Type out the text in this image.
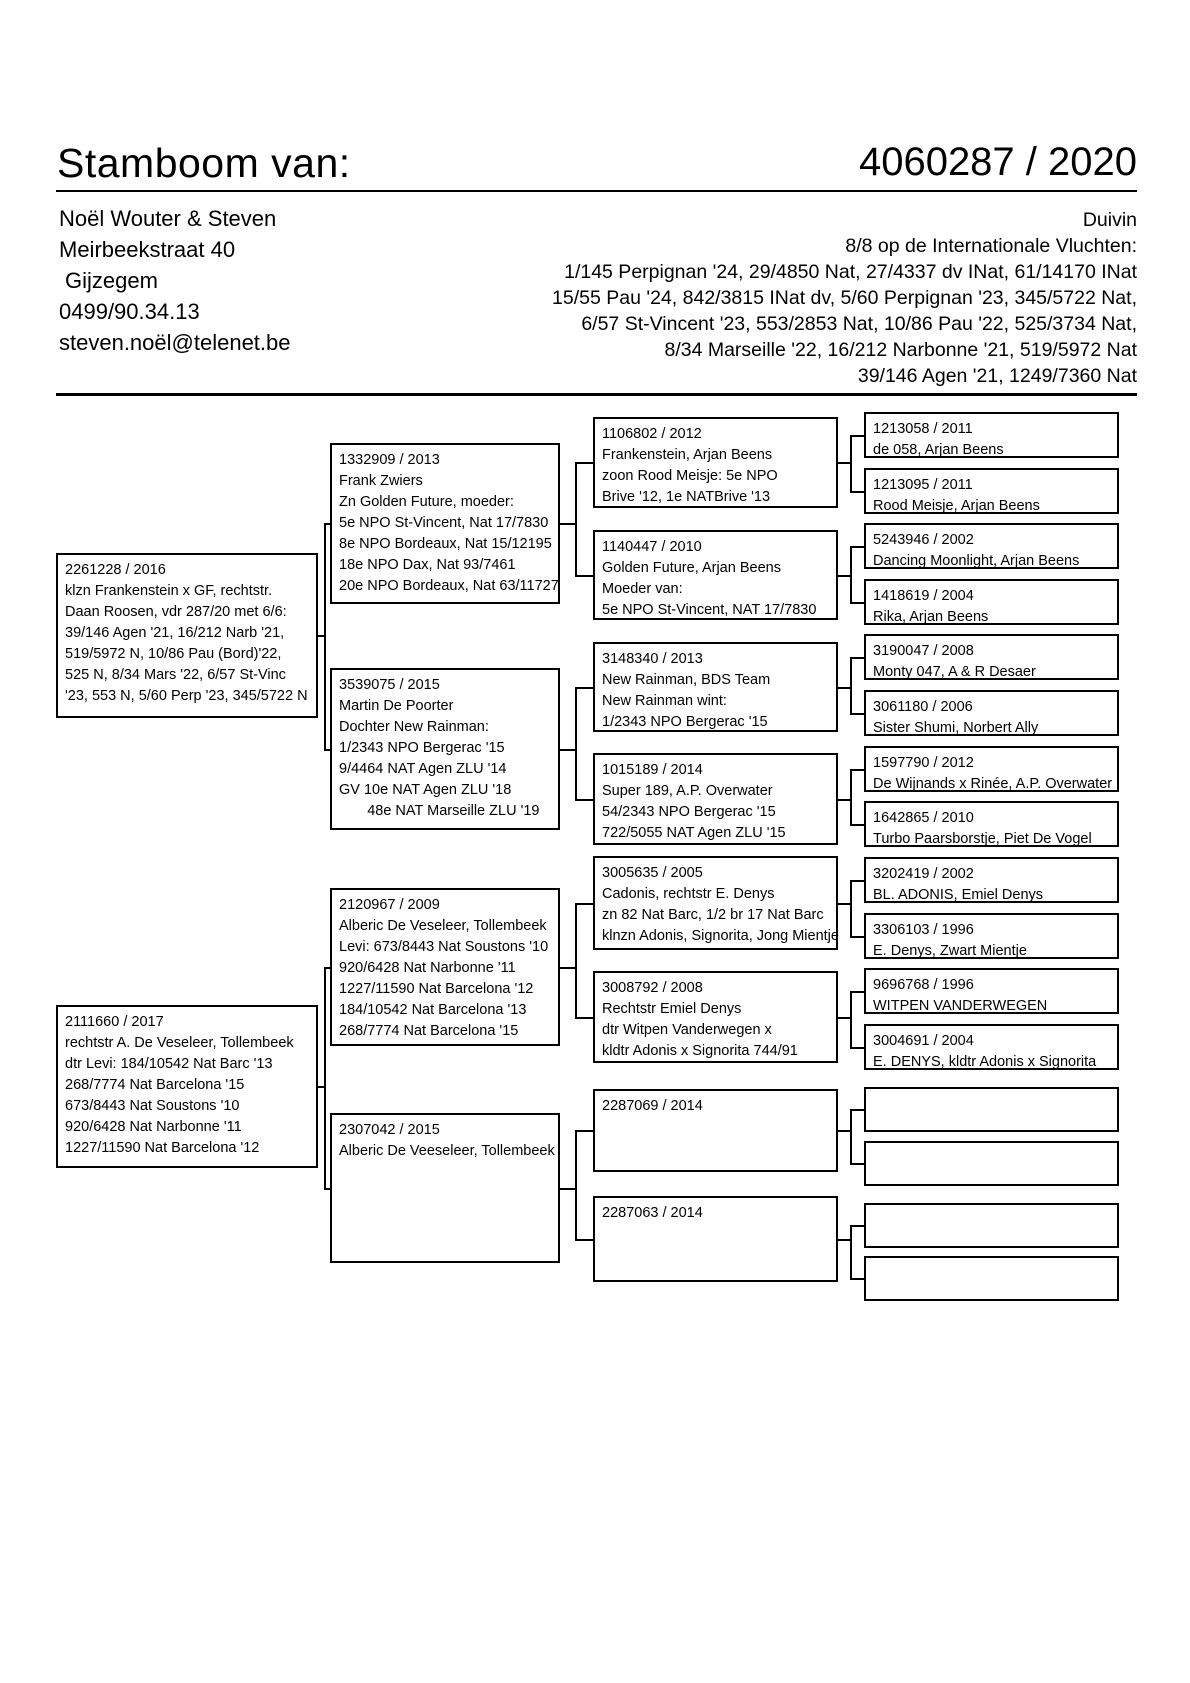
Stamboom van:	4060287 / 2020
Noël Wouter & Steven
Meirbeekstraat 40
Gijzegem
0499/90.34.13
steven.noël@telenet.be
Duivin
8/8 op de Internationale Vluchten:
1/145 Perpignan '24, 29/4850 Nat, 27/4337 dv INat, 61/14170 INat
15/55 Pau '24, 842/3815 INat dv, 5/60 Perpignan '23, 345/5722 Nat,
6/57 St-Vincent '23, 553/2853 Nat, 10/86 Pau '22, 525/3734 Nat,
8/34 Marseille '22, 16/212 Narbonne '21, 519/5972 Nat
39/146 Agen '21, 1249/7360 Nat
2261228 / 2016
klzn Frankenstein x GF, rechtstr.
Daan Roosen, vdr 287/20 met 6/6:
39/146 Agen '21, 16/212 Narb '21,
519/5972 N, 10/86 Pau (Bord)'22,
525 N, 8/34 Mars '22, 6/57 St-Vinc
'23, 553 N, 5/60 Perp '23, 345/5722 N
2111660 / 2017
rechtstr A. De Veseleer, Tollembeek
dtr Levi: 184/10542 Nat Barc '13
268/7774 Nat Barcelona '15
673/8443 Nat Soustons '10
920/6428 Nat Narbonne '11
1227/11590 Nat Barcelona '12
1332909 / 2013
Frank Zwiers
Zn Golden Future, moeder:
5e NPO St-Vincent, Nat 17/7830
8e NPO Bordeaux, Nat 15/12195
18e NPO Dax, Nat 93/7461
20e NPO Bordeaux, Nat 63/11727
3539075 / 2015
Martin De Poorter
Dochter New Rainman:
1/2343 NPO Bergerac '15
9/4464 NAT Agen ZLU '14
GV 10e NAT Agen ZLU '18
48e NAT Marseille ZLU '19
2120967 / 2009
Alberic De Veseleer, Tollembeek
Levi: 673/8443 Nat Soustons '10
920/6428 Nat Narbonne '11
1227/11590 Nat Barcelona '12
184/10542 Nat Barcelona '13
268/7774 Nat Barcelona '15
2307042 / 2015
Alberic De Veeseleer, Tollembeek
1106802 / 2012
Frankenstein, Arjan Beens
zoon Rood Meisje: 5e NPO
Brive '12, 1e NATBrive '13
1140447 / 2010
Golden Future, Arjan Beens
Moeder van:
5e NPO St-Vincent, NAT 17/7830
3148340 / 2013
New Rainman, BDS Team
New Rainman wint:
1/2343 NPO Bergerac '15
1015189 / 2014
Super 189, A.P. Overwater
54/2343 NPO Bergerac '15
722/5055 NAT Agen ZLU '15
3005635 / 2005
Cadonis, rechtstr E. Denys
zn 82 Nat Barc, 1/2 br 17 Nat Barc
klnzn Adonis, Signorita, Jong Mientje
3008792 / 2008
Rechtstr Emiel Denys
dtr Witpen Vanderwegen x
kldtr Adonis x Signorita 744/91
2287069 / 2014
2287063 / 2014
1213058 / 2011
de 058, Arjan Beens
1213095 / 2011
Rood Meisje, Arjan Beens
5243946 / 2002
Dancing Moonlight, Arjan Beens
1418619 / 2004
Rika, Arjan Beens
3190047 / 2008
Monty 047, A & R Desaer
3061180 / 2006
Sister Shumi, Norbert Ally
1597790 / 2012
De Wijnands x Rinée, A.P. Overwater
1642865 / 2010
Turbo Paarsborstje, Piet De Vogel
3202419 / 2002
BL. ADONIS, Emiel Denys
3306103 / 1996
E. Denys, Zwart Mientje
9696768 / 1996
WITPEN VANDERWEGEN
3004691 / 2004
E. DENYS, kldtr Adonis x Signorita
